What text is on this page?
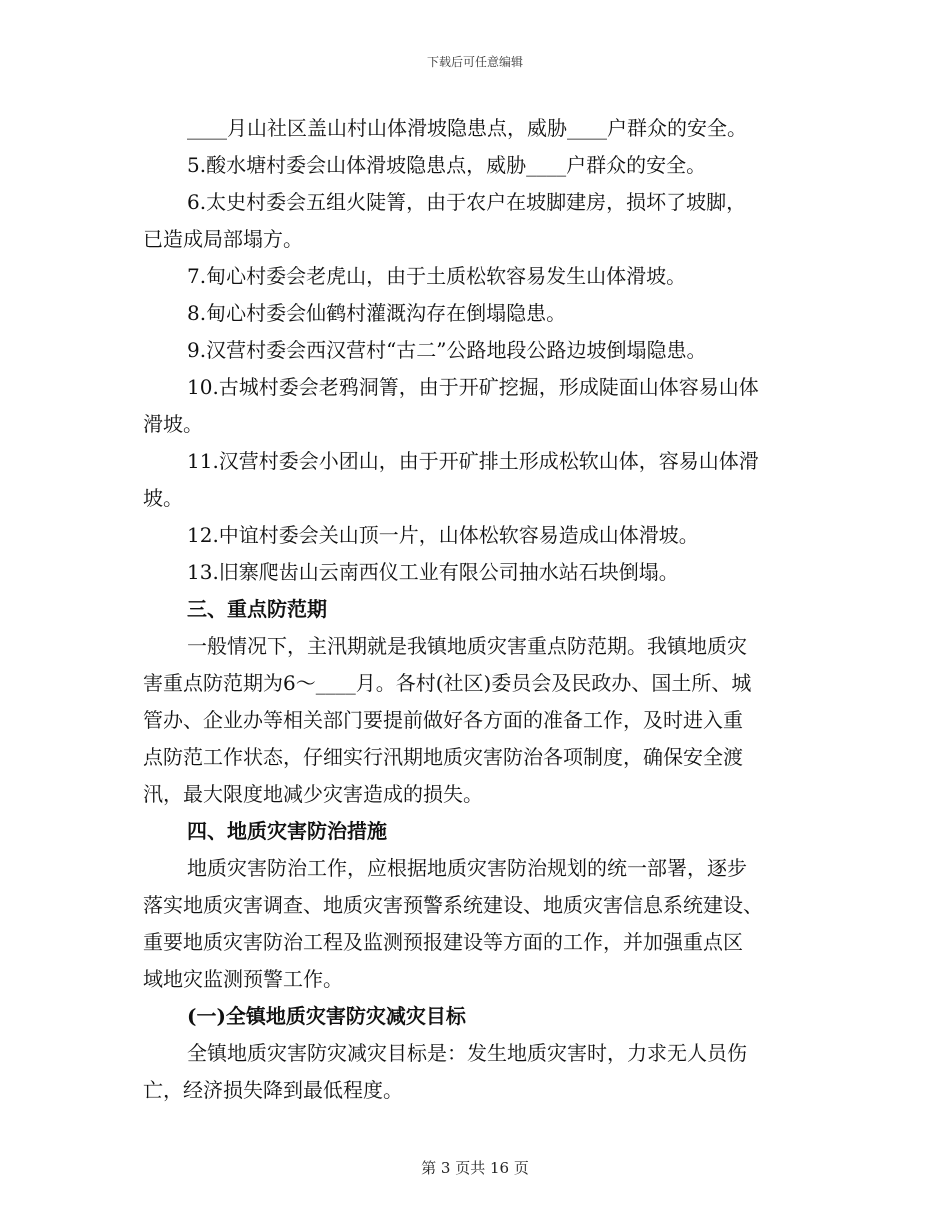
下载后可任意编辑
____月山社区盖山村山体滑坡隐患点，威胁____户群众的安全。
5.酸水塘村委会山体滑坡隐患点，威胁____户群众的安全。
6.太史村委会五组火陡箐，由于农户在坡脚建房，损坏了坡脚，
已造成局部塌方。
7.甸心村委会老虎山，由于土质松软容易发生山体滑坡。
8.甸心村委会仙鹤村灌溉沟存在倒塌隐患。
9.汉营村委会西汉营村“古二”公路地段公路边坡倒塌隐患。
10.古城村委会老鸦洞箐，由于开矿挖掘，形成陡面山体容易山体
滑坡。
11.汉营村委会小团山，由于开矿排土形成松软山体，容易山体滑
坡。
12.中谊村委会关山顶一片，山体松软容易造成山体滑坡。
13.旧寨爬齿山云南西仪工业有限公司抽水站石块倒塌。
三、重点防范期
一般情况下，主汛期就是我镇地质灾害重点防范期。我镇地质灾
害重点防范期为6～____月。各村(社区)委员会及民政办、国土所、城
管办、企业办等相关部门要提前做好各方面的准备工作，及时进入重
点防范工作状态，仔细实行汛期地质灾害防治各项制度，确保安全渡
汛，最大限度地减少灾害造成的损失。
四、地质灾害防治措施
地质灾害防治工作，应根据地质灾害防治规划的统一部署，逐步
落实地质灾害调查、地质灾害预警系统建设、地质灾害信息系统建设、
重要地质灾害防治工程及监测预报建设等方面的工作，并加强重点区
域地灾监测预警工作。
(一)全镇地质灾害防灾减灾目标
全镇地质灾害防灾减灾目标是：发生地质灾害时，力求无人员伤
亡，经济损失降到最低程度。
第 3 页共 16 页
